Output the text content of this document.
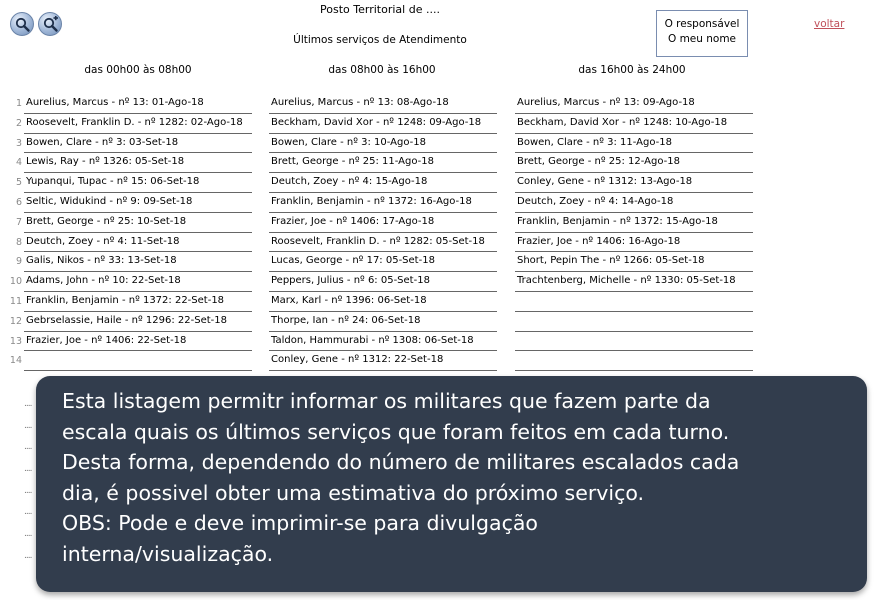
Posto Territorial de ....
Últimos serviços de Atendimento
O responsável
O meu nome
voltar
das 00h00 às 08h00	das 08h00 às 16h00	das 16h00 às 24h00
1
2
3
4
5
6
7
8
9
10
11
12
13
14
Aurelius, Marcus - nº 13: 01-Ago-18
Roosevelt, Franklin D. - nº 1282: 02-Ago-18
Bowen, Clare - nº 3: 03-Set-18
Lewis, Ray - nº 1326: 05-Set-18
Yupanqui, Tupac - nº 15: 06-Set-18
Seltic, Widukind - nº 9: 09-Set-18
Brett, George - nº 25: 10-Set-18
Deutch, Zoey - nº 4: 11-Set-18
Galis, Nikos - nº 33: 13-Set-18
Adams, John - nº 10: 22-Set-18
Franklin, Benjamin - nº 1372: 22-Set-18
Gebrselassie, Haile - nº 1296: 22-Set-18
Frazier, Joe - nº 1406: 22-Set-18
Aurelius, Marcus - nº 13: 08-Ago-18
Beckham, David Xor - nº 1248: 09-Ago-18
Bowen, Clare - nº 3: 10-Ago-18
Brett, George - nº 25: 11-Ago-18
Deutch, Zoey - nº 4: 15-Ago-18
Franklin, Benjamin - nº 1372: 16-Ago-18
Frazier, Joe - nº 1406: 17-Ago-18
Roosevelt, Franklin D. - nº 1282: 05-Set-18
Lucas, George - nº 17: 05-Set-18
Peppers, Julius - nº 6: 05-Set-18
Marx, Karl - nº 1396: 06-Set-18
Thorpe, Ian - nº 24: 06-Set-18
Taldon, Hammurabi - nº 1308: 06-Set-18
Conley, Gene - nº 1312: 22-Set-18
Aurelius, Marcus - nº 13: 09-Ago-18
Beckham, David Xor - nº 1248: 10-Ago-18
Bowen, Clare - nº 3: 11-Ago-18
Brett, George - nº 25: 12-Ago-18
Conley, Gene - nº 1312: 13-Ago-18
Deutch, Zoey - nº 4: 14-Ago-18
Franklin, Benjamin - nº 1372: 15-Ago-18
Frazier, Joe - nº 1406: 16-Ago-18
Short, Pepin The - nº 1266: 05-Set-18
Trachtenberg, Michelle - nº 1330: 05-Set-18
....
....
....
....
....
....
....
....
Esta listagem permitr informar os militares que fazem parte da
escala quais os últimos serviços que foram feitos em cada turno.
Desta forma, dependendo do número de militares escalados cada
dia, é possivel obter uma estimativa do próximo serviço.
OBS: Pode e deve imprimir-se para divulgação
interna/visualização.
